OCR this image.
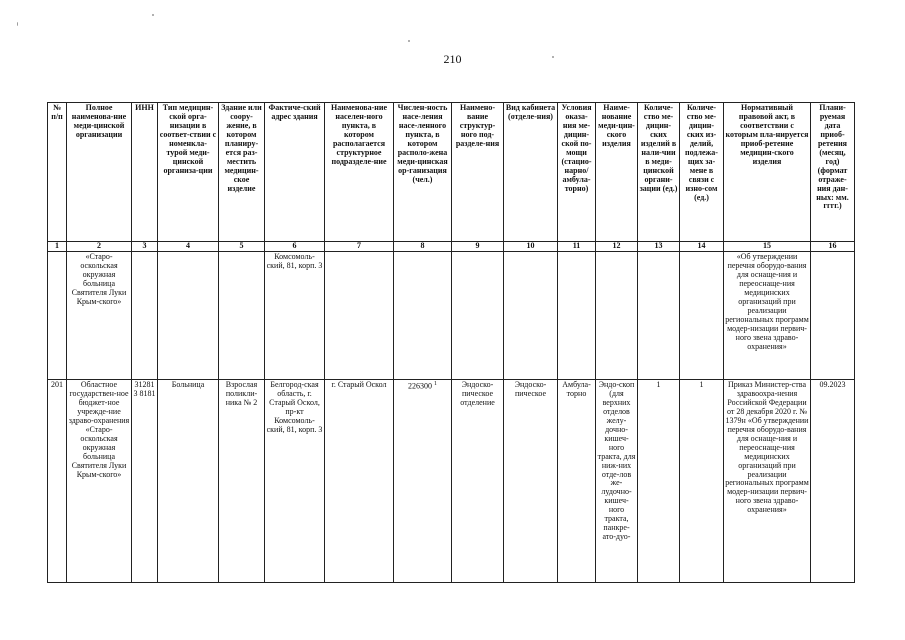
210
№ п/п	Полное наименова-ние меди-цинской организации	ИНН	Тип медицин-ской орга-низации в соответ-ствии с номенкла-турой меди-цинской организа-ции	Здание или соору-жение, в котором планиру-ется раз-местить медицин-ское изделие	Фактиче-ский адрес здания	Наименова-ние населен-ного пункта, в котором располагается структурное подразделе-ние	Числен-ность насе-ления насе-ленного пункта, в котором располо-жена меди-цинская ор-ганизация (чел.)	Наимено-вание структур-ного под-разделе-ния	Вид кабинета (отделе-ния)	Условия оказа-ния ме-дицин-ской по-мощи (стацио-нарно/ амбула-торно)	Наиме-нование меди-цин-ского изделия	Количе-ство ме-дицин-ских изделий в нали-чии в меди-цинской органи-зации (ед.)	Количе-ство ме-дицин-ских из-делий, подлежа-щих за-мене в связи с изно-сом (ед.)	Нормативный правовой акт, в соответствии с которым пла-нируется приоб-ретение медицин-ского изделия	Плани-руемая дата приоб-ретения (месяц, год) (формат отраже-ния дан-ных: мм. гггг.)
1	2	3	4	5	6	7	8	9	10	11	12	13	14	15	16
	«Старо-оскольская окружная больница Святителя Луки Крым-ского»				Комсомоль-ский, 81, корп. 3									«Об утверждении перечня оборудо-вания для оснаще-ния и переоснаще-ния медицинских организаций при реализации региональных программ модер-низации первич-ного звена здраво-охранения»	
201	Областное государствен-ное бюджет-ное учрежде-ние здраво-охранения «Старо-оскольская окружная больница Святителя Луки Крым-ского»	312813 8181	Больница	Взрослая поликли-ника № 2	Белгород-ская область, г. Старый Оскол, пр-кт Комсомоль-ский, 81, корп. 3	г. Старый Оскол	226300 $^1$	Эндоско-пическое отделение	Эндоско-пическое	Амбула-торно	Эндо-скоп (для верхних отделов желу-дочно-кишеч-ного тракта, для ниж-них отде-лов же-лудочно-кишеч-ного тракта, панкре-ато-дуо-	1	1	Приказ Министер-ства здравоохра-нения Российской Федерации от 28 декабря 2020 г. № 1379н «Об утверждении перечня оборудо-вания для оснаще-ния и переоснаще-ния медицинских организаций при реализации региональных программ модер-низации первич-ного звена здраво-охранения»	09.2023
